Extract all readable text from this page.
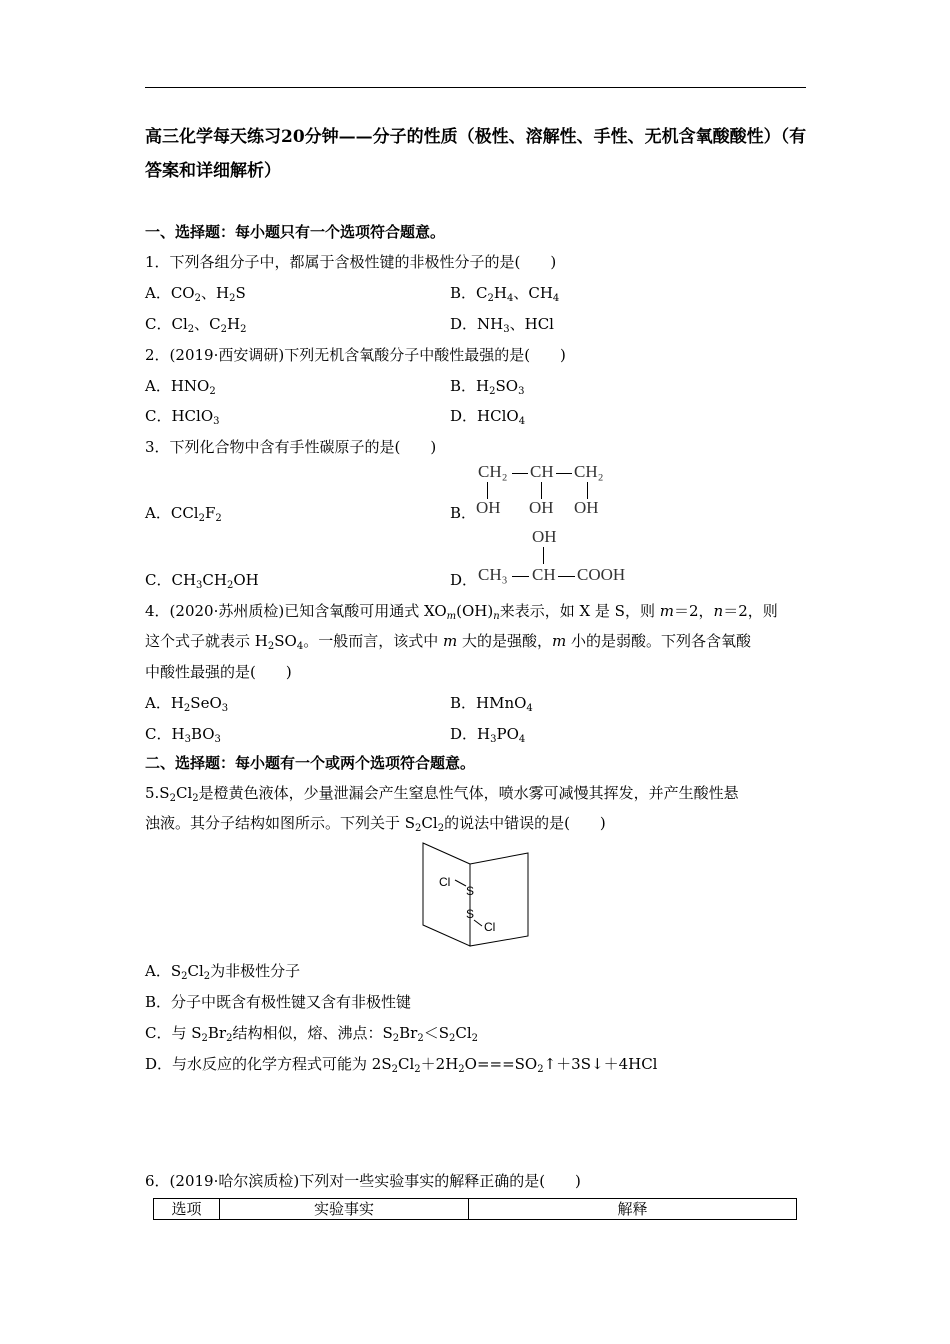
高三化学每天练习20分钟——分子的性质（极性、溶解性、手性、无机含氧酸酸性）（有答案和详细解析）
一、选择题：每小题只有一个选项符合题意。
1．下列各组分子中，都属于含极性键的非极性分子的是(　　)
A．$CO_2$、$H_2S$	B．$C_2H_4$、$CH_4$
C．$Cl_2$、$C_2H_2$	D．$NH_3$、HCl
2．(2019·西安调研)下列无机含氧酸分子中酸性最强的是(　　)
A．$HNO_2$	B．$H_2SO_3$
C．HClO$_3$	D．HClO$_4$
3．下列化合物中含有手性碳原子的是(　　)
A．$CCl_2F_2$	B．
CH₂ CH CH₂
OH OH OH
C．$CH_3CH_2OH$	D．
OH
CH₃ CH COOH
4．(2020·苏州质检)已知含氧酸可用通式 $XO_m(OH)_n$来表示，如 X 是 S，则 m＝2，n＝2，则
这个式子就表示 $H_2SO_4$。一般而言，该式中 m 大的是强酸，m 小的是弱酸。下列各含氧酸
中酸性最强的是(　　)
A．$H_2SeO_3$	B．HMnO$_4$
C．$H_3BO_3$	D．$H_3PO_4$
二、选择题：每小题有一个或两个选项符合题意。
$5.S_2Cl_2$是橙黄色液体，少量泄漏会产生窒息性气体，喷水雾可减慢其挥发，并产生酸性悬
浊液。其分子结构如图所示。下列关于 $S_2Cl_2$的说法中错误的是(　　)
Cl
S
S
Cl
A．$S_2Cl_2$为非极性分子
B．分子中既含有极性键又含有非极性键
C．与 $S_2Br_2$结构相似，熔、沸点：$S_2Br_2<S_2Cl_2$
D．与水反应的化学方程式可能为 $2S_2Cl_2+2H_2O===SO_2↑+3S↓+4HCl$
6．(2019·哈尔滨质检)下列对一些实验事实的解释正确的是(　　)
选项	实验事实	解释
